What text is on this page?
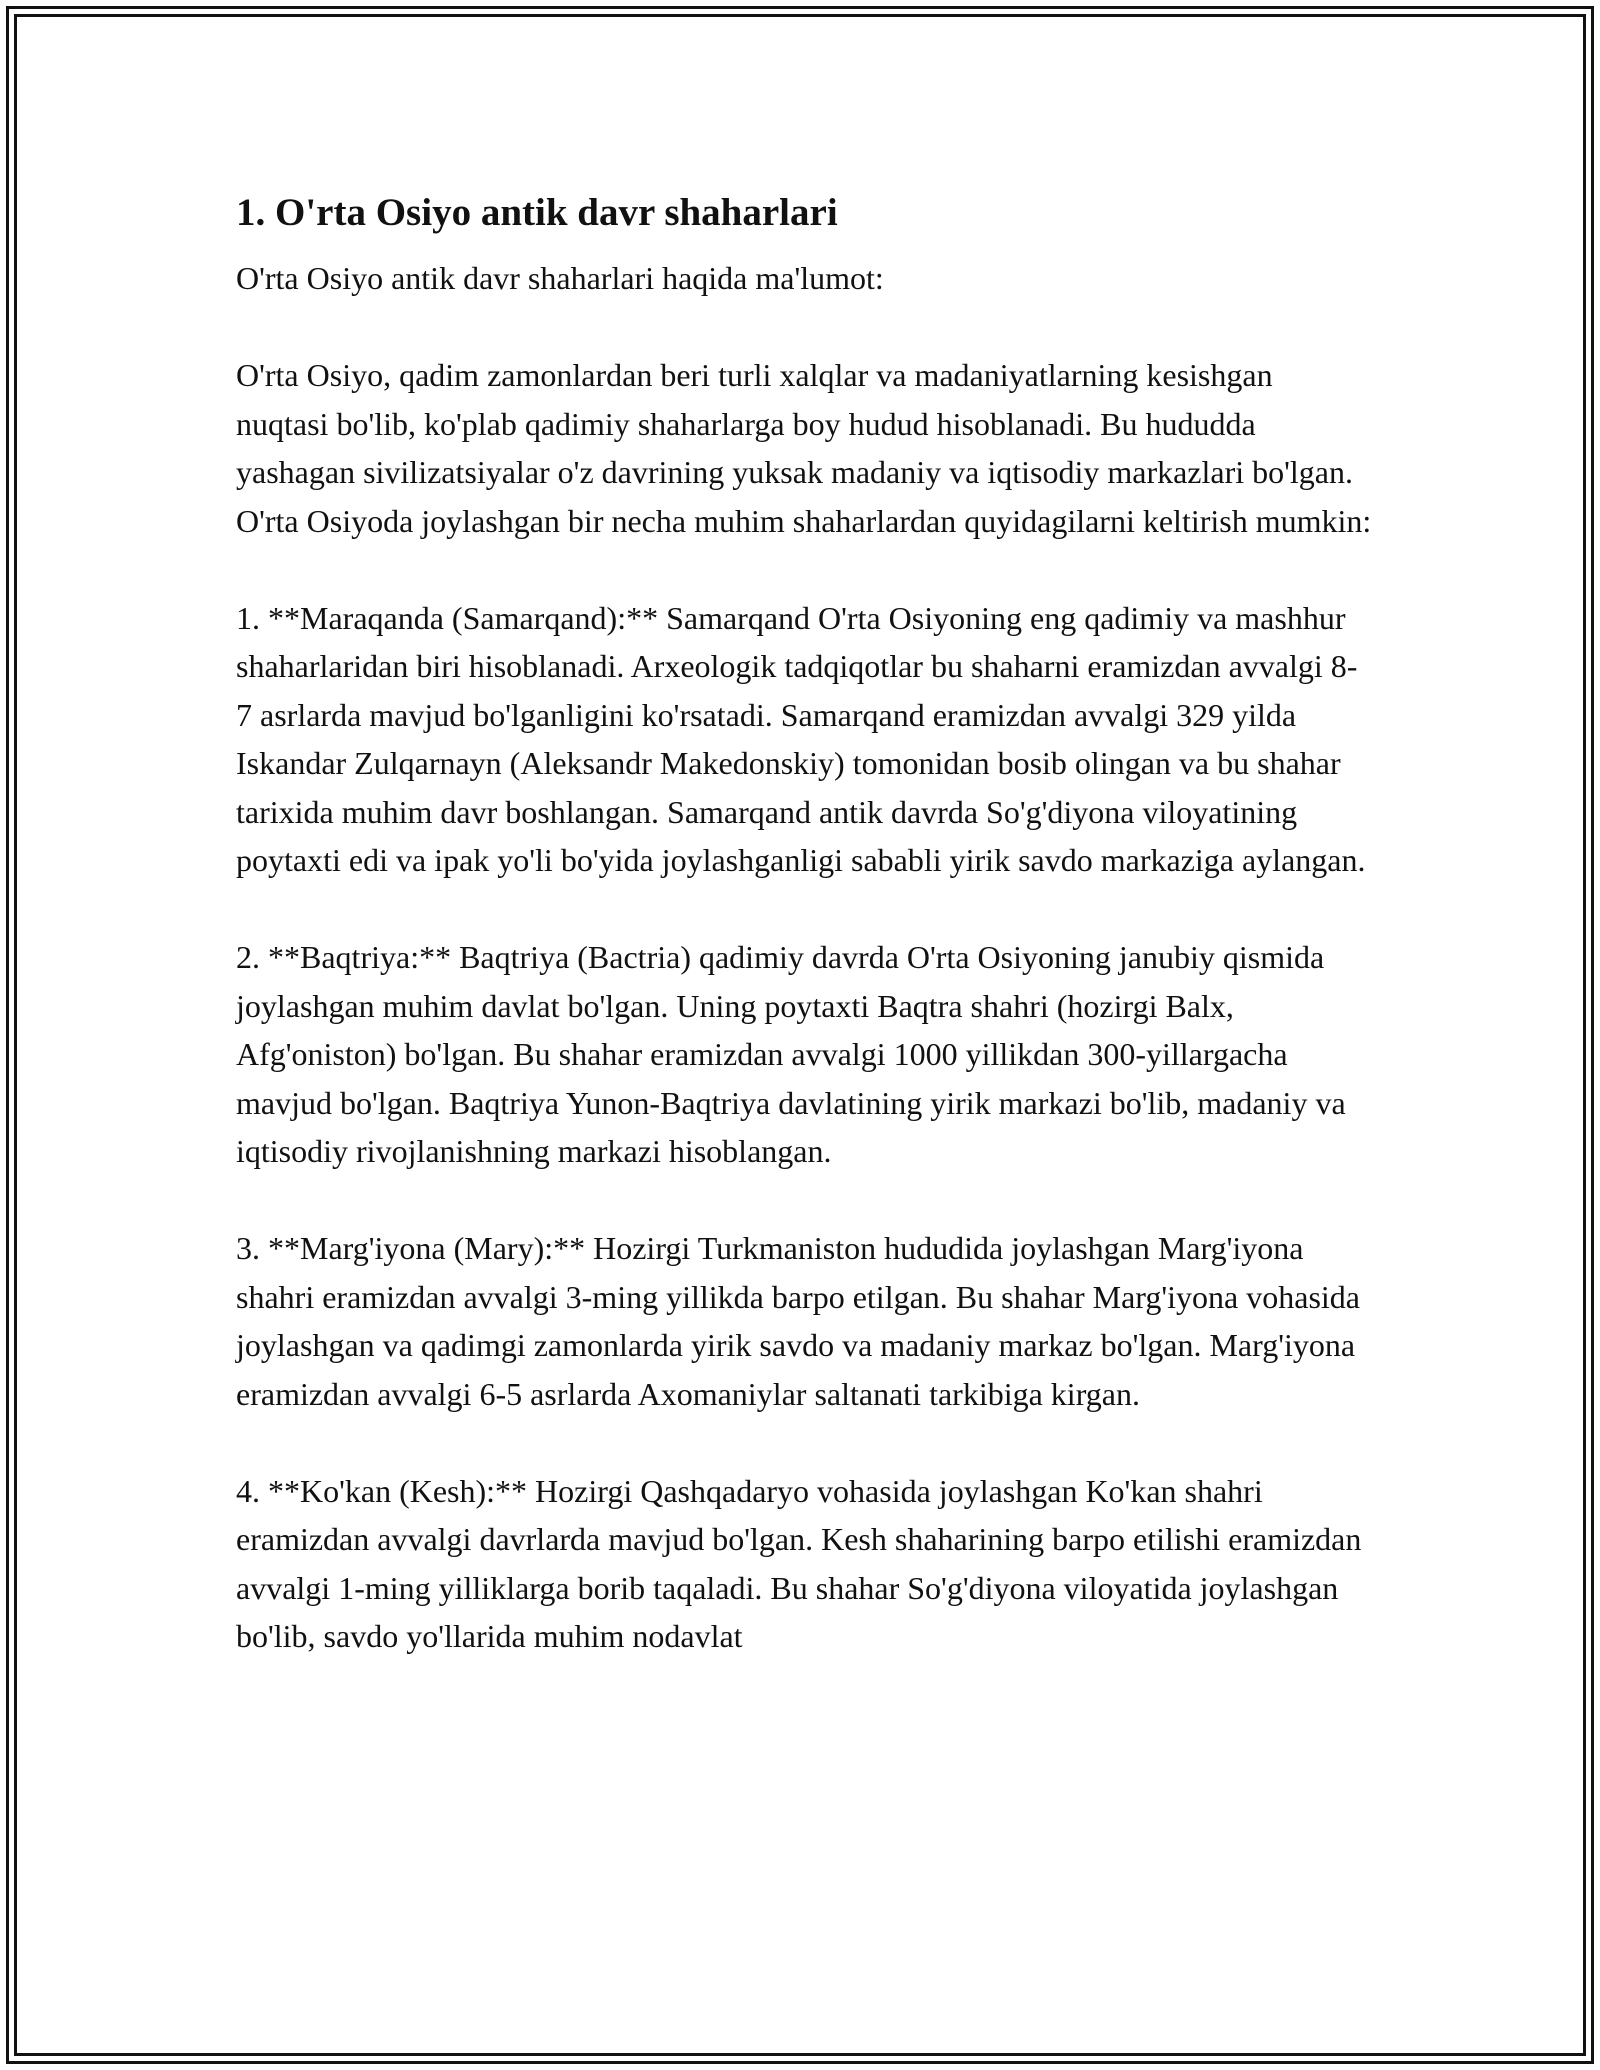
1. O'rta Osiyo antik davr shaharlari

O'rta Osiyo antik davr shaharlari haqida ma'lumot:

O'rta Osiyo, qadim zamonlardan beri turli xalqlar va madaniyatlarning kesishgan nuqtasi bo'lib, ko'plab qadimiy shaharlarga boy hudud hisoblanadi. Bu hududda yashagan sivilizatsiyalar o'z davrining yuksak madaniy va iqtisodiy markazlari bo'lgan. O'rta Osiyoda joylashgan bir necha muhim shaharlardan quyidagilarni keltirish mumkin:

1. **Maraqanda (Samarqand):** Samarqand O'rta Osiyoning eng qadimiy va mashhur shaharlaridan biri hisoblanadi. Arxeologik tadqiqotlar bu shaharni eramizdan avvalgi 8-7 asrlarda mavjud bo'lganligini ko'rsatadi. Samarqand eramizdan avvalgi 329 yilda Iskandar Zulqarnayn (Aleksandr Makedonskiy) tomonidan bosib olingan va bu shahar tarixida muhim davr boshlangan. Samarqand antik davrda So'g'diyona viloyatining poytaxti edi va ipak yo'li bo'yida joylashganligi sababli yirik savdo markaziga aylangan.

2. **Baqtriya:** Baqtriya (Bactria) qadimiy davrda O'rta Osiyoning janubiy qismida joylashgan muhim davlat bo'lgan. Uning poytaxti Baqtra shahri (hozirgi Balx, Afg'oniston) bo'lgan. Bu shahar eramizdan avvalgi 1000 yillikdan 300-yillargacha mavjud bo'lgan. Baqtriya Yunon-Baqtriya davlatining yirik markazi bo'lib, madaniy va iqtisodiy rivojlanishning markazi hisoblangan.

3. **Marg'iyona (Mary):** Hozirgi Turkmaniston hududida joylashgan Marg'iyona shahri eramizdan avvalgi 3-ming yillikda barpo etilgan. Bu shahar Marg'iyona vohasida joylashgan va qadimgi zamonlarda yirik savdo va madaniy markaz bo'lgan. Marg'iyona eramizdan avvalgi 6-5 asrlarda Axomaniylar saltanati tarkibiga kirgan.

4. **Ko'kan (Kesh):** Hozirgi Qashqadaryo vohasida joylashgan Ko'kan shahri eramizdan avvalgi davrlarda mavjud bo'lgan. Kesh shaharining barpo etilishi eramizdan avvalgi 1-ming yilliklarga borib taqaladi. Bu shahar So'g'diyona viloyatida joylashgan bo'lib, savdo yo'llarida muhim nodavlat
